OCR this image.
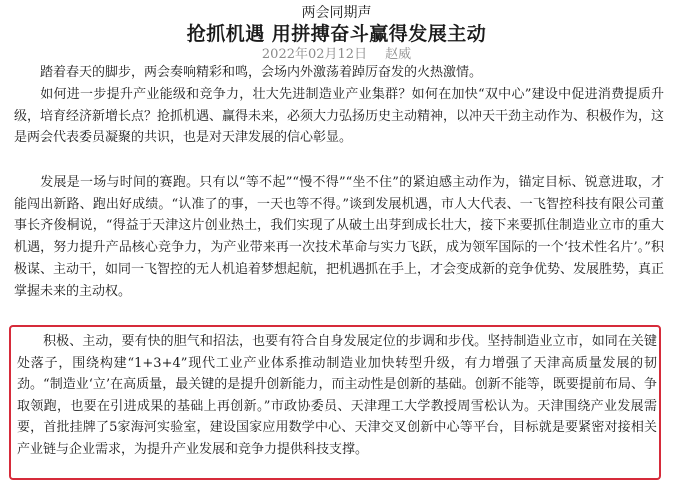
两会同期声
抢抓机遇 用拼搏奋斗赢得发展主动
2022年02月12日 赵威

踏着春天的脚步，两会奏响精彩和鸣，会场内外激荡着踔厉奋发的火热激情。

如何进一步提升产业能级和竞争力，壮大先进制造业产业集群？如何在加快“双中心”建设中促进消费提质升级，培育经济新增长点？抢抓机遇、赢得未来，必须大力弘扬历史主动精神，以冲天干劲主动作为、积极作为，这是两会代表委员凝聚的共识，也是对天津发展的信心彰显。

发展是一场与时间的赛跑。只有以“等不起”“慢不得”“坐不住”的紧迫感主动作为，锚定目标、锐意进取，才能闯出新路、跑出好成绩。“认准了的事，一天也等不得。”谈到发展机遇，市人大代表、一飞智控科技有限公司董事长齐俊桐说，“得益于天津这片创业热土，我们实现了从破土出芽到成长壮大，接下来要抓住制造业立市的重大机遇，努力提升产品核心竞争力，为产业带来再一次技术革命与实力飞跃，成为领军国际的一个‘技术性名片’。”积极谋、主动干，如同一飞智控的无人机追着梦想起航，把机遇抓在手上，才会变成新的竞争优势、发展胜势，真正掌握未来的主动权。

积极、主动，要有快的胆气和招法，也要有符合自身发展定位的步调和步伐。坚持制造业立市，如同在关键处落子，围绕构建“1+3+4”现代工业产业体系推动制造业加快转型升级，有力增强了天津高质量发展的韧劲。“制造业‘立’在高质量，最关键的是提升创新能力，而主动性是创新的基础。创新不能等，既要提前布局、争取领跑，也要在引进成果的基础上再创新。”市政协委员、天津理工大学教授周雪松认为。天津围绕产业发展需要，首批挂牌了5家海河实验室，建设国家应用数学中心、天津交叉创新中心等平台，目标就是要紧密对接相关产业链与企业需求，为提升产业发展和竞争力提供科技支撑。
